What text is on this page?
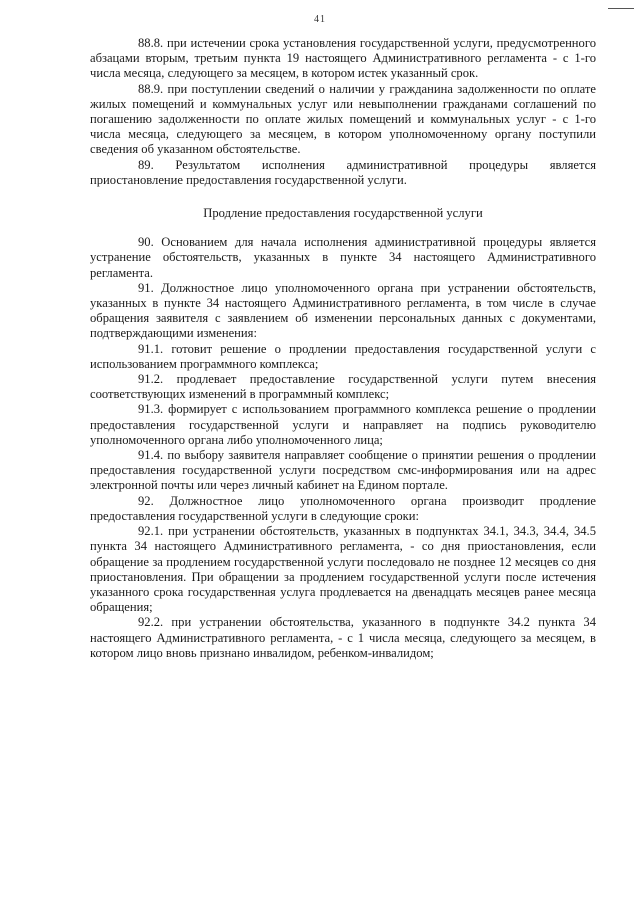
41

88.8. при истечении срока установления государственной услуги, предусмотренного абзацами вторым, третьим пункта 19 настоящего Административного регламента - с 1-го числа месяца, следующего за месяцем, в котором истек указанный срок.

88.9. при поступлении сведений о наличии у гражданина задолженности по оплате жилых помещений и коммунальных услуг или невыполнении гражданами соглашений по погашению задолженности по оплате жилых помещений и коммунальных услуг - с 1-го числа месяца, следующего за месяцем, в котором уполномоченному органу поступили сведения об указанном обстоятельстве.

89. Результатом исполнения административной процедуры является приостановление предоставления государственной услуги.

Продление предоставления государственной услуги

90. Основанием для начала исполнения административной процедуры является устранение обстоятельств, указанных в пункте 34 настоящего Административного регламента.

91. Должностное лицо уполномоченного органа при устранении обстоятельств, указанных в пункте 34 настоящего Административного регламента, в том числе в случае обращения заявителя с заявлением об изменении персональных данных с документами, подтверждающими изменения:

91.1. готовит решение о продлении предоставления государственной услуги с использованием программного комплекса;

91.2. продлевает предоставление государственной услуги путем внесения соответствующих изменений в программный комплекс;

91.3. формирует с использованием программного комплекса решение о продлении предоставления государственной услуги и направляет на подпись руководителю уполномоченного органа либо уполномоченного лица;

91.4. по выбору заявителя направляет сообщение о принятии решения о продлении предоставления государственной услуги посредством смс-информирования или на адрес электронной почты или через личный кабинет на Едином портале.

92. Должностное лицо уполномоченного органа производит продление предоставления государственной услуги в следующие сроки:

92.1. при устранении обстоятельств, указанных в подпунктах 34.1, 34.3, 34.4, 34.5 пункта 34 настоящего Административного регламента, - со дня приостановления, если обращение за продлением государственной услуги последовало не позднее 12 месяцев со дня приостановления. При обращении за продлением государственной услуги после истечения указанного срока государственная услуга продлевается на двенадцать месяцев ранее месяца обращения;

92.2. при устранении обстоятельства, указанного в подпункте 34.2 пункта 34 настоящего Административного регламента, - с 1 числа месяца, следующего за месяцем, в котором лицо вновь признано инвалидом, ребенком-инвалидом;
